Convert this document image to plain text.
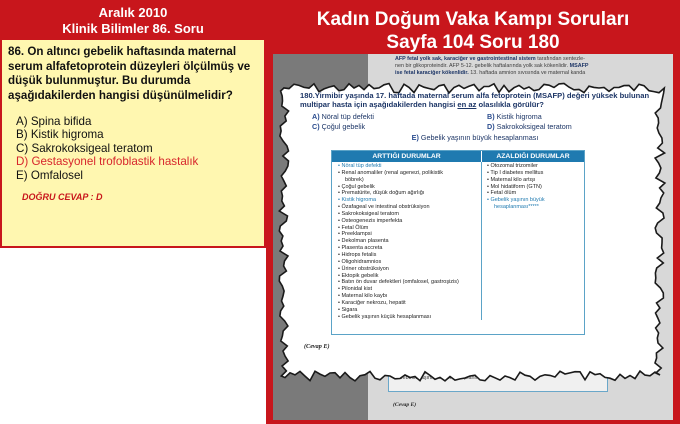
Aralık 2010
Klinik Bilimler 86. Soru
86. On altıncı gebelik haftasında maternal serum alfafetoprotein düzeyleri ölçülmüş ve düşük bulunmuştur. Bu durumda aşağıdakilerden hangisi düşünülmelidir?
A) Spina bifida
B) Kistik higroma
C) Sakrokoksigeal teratom
D) Gestasyonel trofoblastik hastalık
E) Omfalosel
DOĞRU CEVAP : D
Kadın Doğum Vaka Kampı Soruları
Sayfa 104 Soru 180
AFP fetal yolk sak, karaciğer ve gastrointestinal sistem tarafından sentezle-
nen bir glikoproteindir. AFP 5-12. gebelik haftalarında yolk sak kökenlidir. MSAFP
ise fetal karaciğer kökenlidir. 13. haftada amnion sıvısında ve maternal kanda
(Cevap E)
180.Yirmibir yaşında 17. haftada maternal serum alfa fetoprotein (MSAFP) değeri yüksek bulunan multipar hasta için aşağıdakilerden hangisi en az olasılıkla görülür?
A) Nöral tüp defekti	B) Kistik higroma
C) Çoğul gebelik	D) Sakrokoksigeal teratom
E) Gebelik yaşının büyük hesaplanması
ARTTIĞI DURUMLAR	AZALDIĞI DURUMLAR
• Nöral tüp defekti
• Renal anomaliler (renal agenezi, polikistik
böbrek)
• Çoğul gebelik
• Prematürite, düşük doğum ağırlığı
• Kistik higroma
• Özafageal ve intestinal obstrüksiyon
• Sakrokoksigeal teratom
• Osteogenezis imperfekta
• Fetal Ölüm
• Preeklampsi
• Dekolman plasenta
• Plasenta accreta
• Hidrops fetalis
• Oligohidramnios
• Üriner obstrüksiyon
• Ektopik gebelik
• Batın ön duvar defektleri (omfalosel, gastroşizis)
• Pilonidal kist
• Maternal kilo kaybı
• Karaciğer nekrozu, hepatit
• Sigara
• Gebelik yaşının küçük hesaplanması
• Otozomal trizomiler
• Tip I diabetes mellitus
• Maternal kilo artışı
• Mol hidatiform (GTN)
• Fetal ölüm
• Gebelik yaşının büyük
hesaplanması*****
(Cevap E)
